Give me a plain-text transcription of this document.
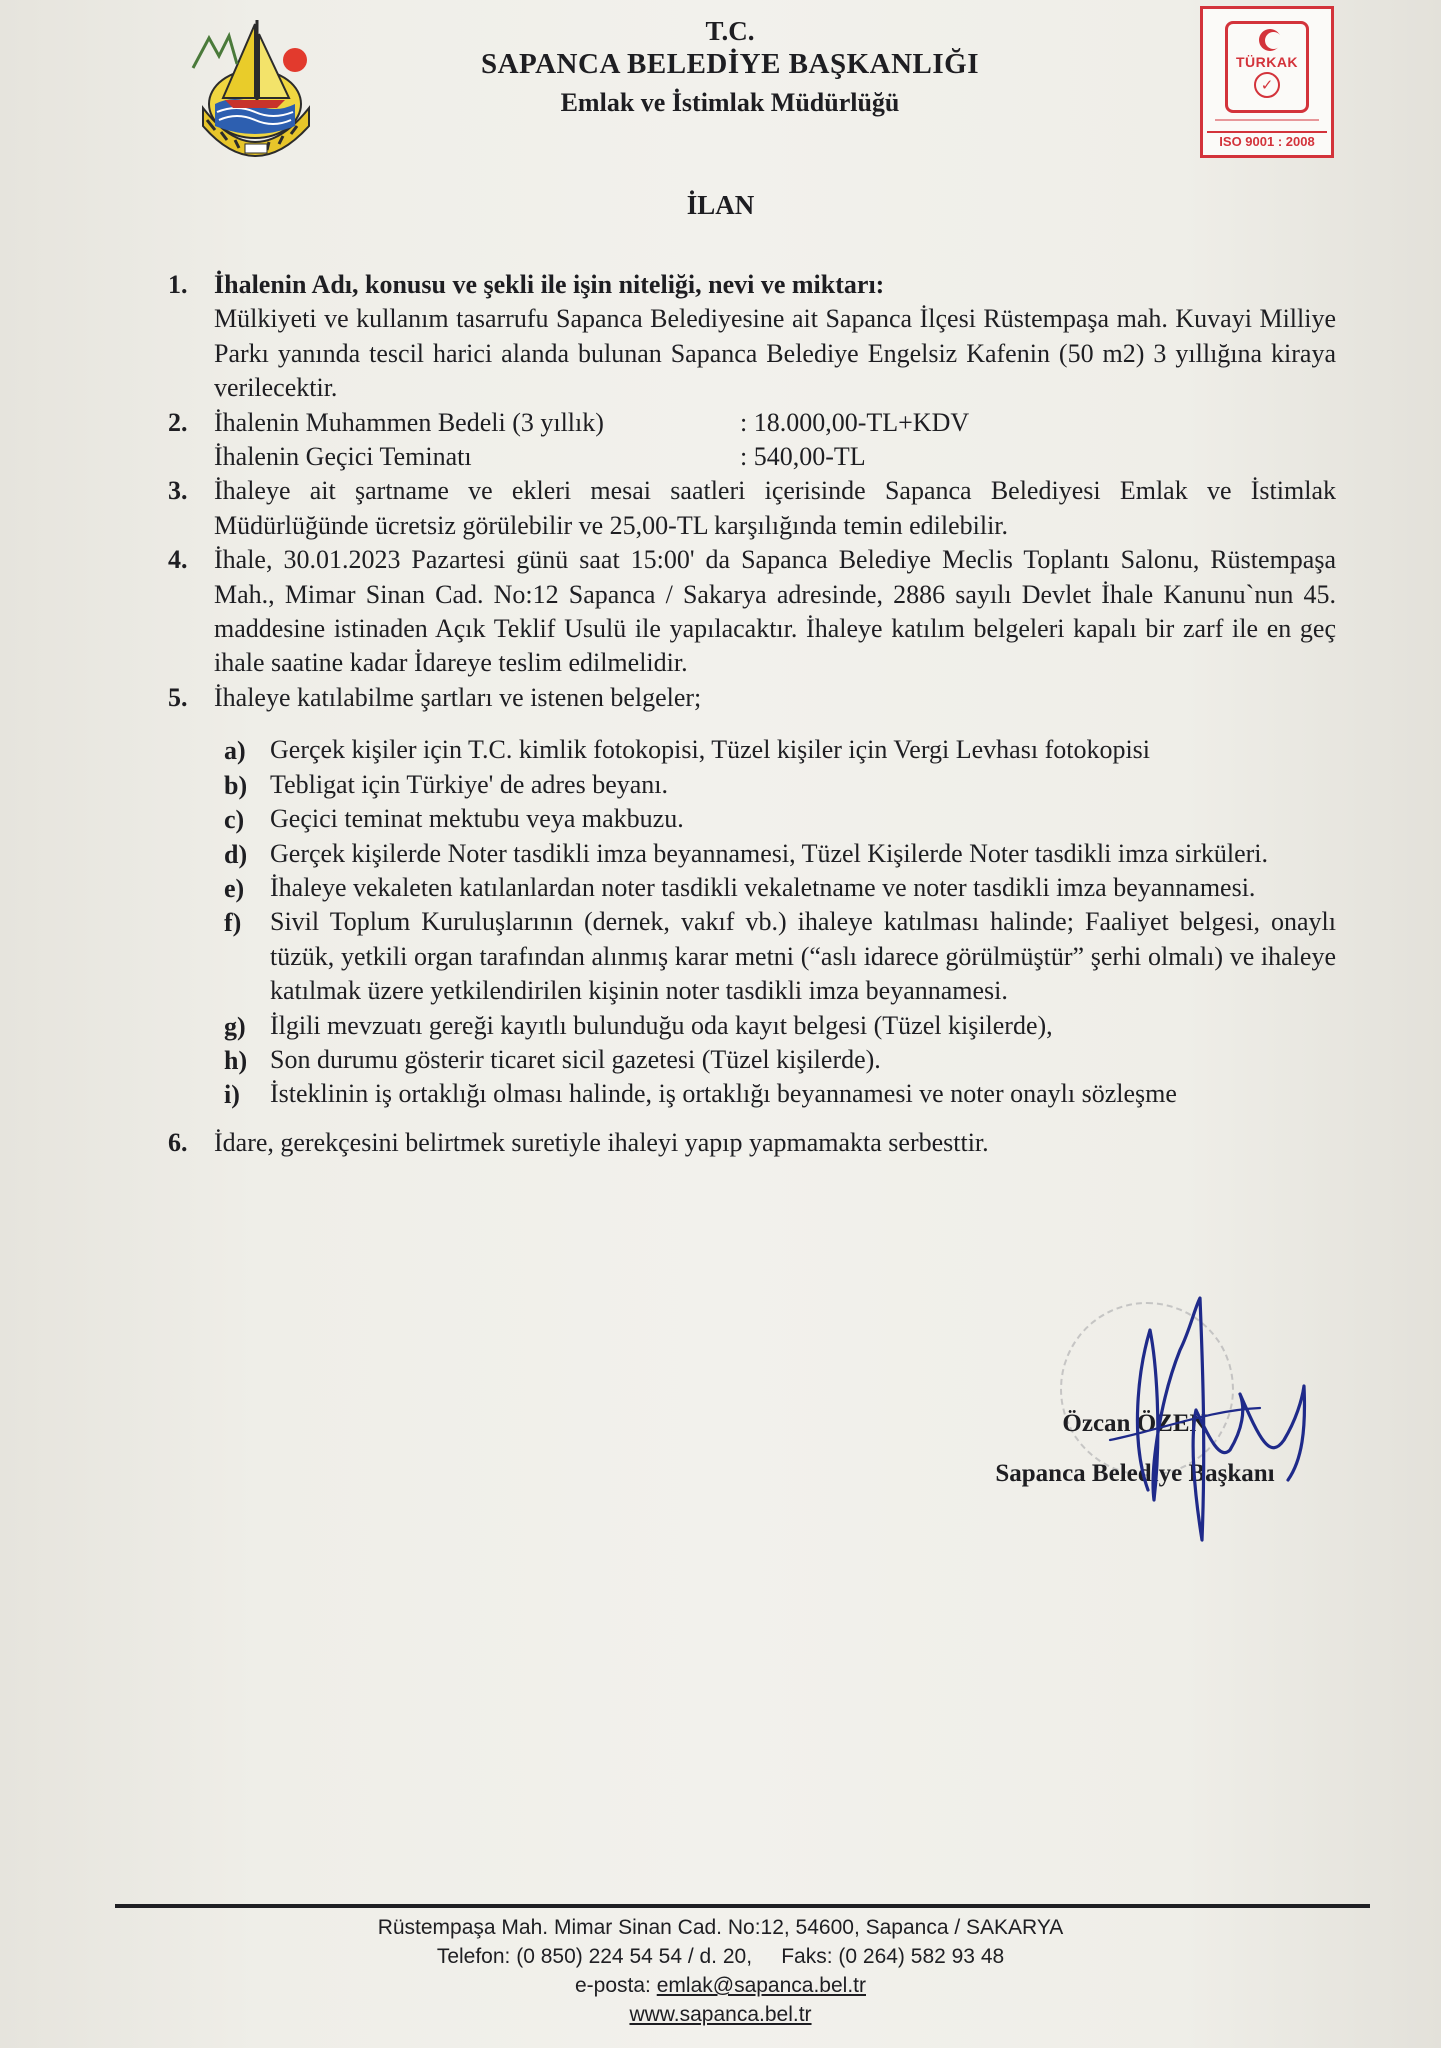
T.C.
SAPANCA BELEDİYE BAŞKANLIĞI
Emlak ve İstimlak Müdürlüğü
TÜRKAK
✓
ISO 9001 : 2008
İLAN
1. İhalenin Adı, konusu ve şekli ile işin niteliği, nevi ve miktarı:
Mülkiyeti ve kullanım tasarrufu Sapanca Belediyesine ait Sapanca İlçesi Rüstempaşa mah. Kuvayi Milliye Parkı yanında tescil harici alanda bulunan Sapanca Belediye Engelsiz Kafenin (50 m2) 3 yıllığına kiraya verilecektir.
2. İhalenin Muhammen Bedeli (3 yıllık)	: 18.000,00-TL+KDV
İhalenin Geçici Teminatı	: 540,00-TL
3. İhaleye ait şartname ve ekleri mesai saatleri içerisinde Sapanca Belediyesi Emlak ve İstimlak Müdürlüğünde ücretsiz görülebilir ve 25,00-TL karşılığında temin edilebilir.
4. İhale, 30.01.2023 Pazartesi günü saat 15:00' da Sapanca Belediye Meclis Toplantı Salonu, Rüstempaşa Mah., Mimar Sinan Cad. No:12 Sapanca / Sakarya adresinde, 2886 sayılı Devlet İhale Kanunu`nun 45. maddesine istinaden Açık Teklif Usulü ile yapılacaktır. İhaleye katılım belgeleri kapalı bir zarf ile en geç ihale saatine kadar İdareye teslim edilmelidir.
5. İhaleye katılabilme şartları ve istenen belgeler;
a) Gerçek kişiler için T.C. kimlik fotokopisi, Tüzel kişiler için Vergi Levhası fotokopisi
b) Tebligat için Türkiye' de adres beyanı.
c) Geçici teminat mektubu veya makbuzu.
d) Gerçek kişilerde Noter tasdikli imza beyannamesi, Tüzel Kişilerde Noter tasdikli imza sirküleri.
e) İhaleye vekaleten katılanlardan noter tasdikli vekaletname ve noter tasdikli imza beyannamesi.
f) Sivil Toplum Kuruluşlarının (dernek, vakıf vb.) ihaleye katılması halinde; Faaliyet belgesi, onaylı tüzük, yetkili organ tarafından alınmış karar metni (“aslı idarece görülmüştür” şerhi olmalı) ve ihaleye katılmak üzere yetkilendirilen kişinin noter tasdikli imza beyannamesi.
g) İlgili mevzuatı gereği kayıtlı bulunduğu oda kayıt belgesi (Tüzel kişilerde),
h) Son durumu gösterir ticaret sicil gazetesi (Tüzel kişilerde).
i) İsteklinin iş ortaklığı olması halinde, iş ortaklığı beyannamesi ve noter onaylı sözleşme
6. İdare, gerekçesini belirtmek suretiyle ihaleyi yapıp yapmamakta serbesttir.
Özcan ÖZEN
Sapanca Belediye Başkanı
Rüstempaşa Mah. Mimar Sinan Cad. No:12, 54600, Sapanca / SAKARYA
Telefon: (0 850) 224 54 54 / d. 20,     Faks: (0 264) 582 93 48
e-posta: emlak@sapanca.bel.tr
www.sapanca.bel.tr
